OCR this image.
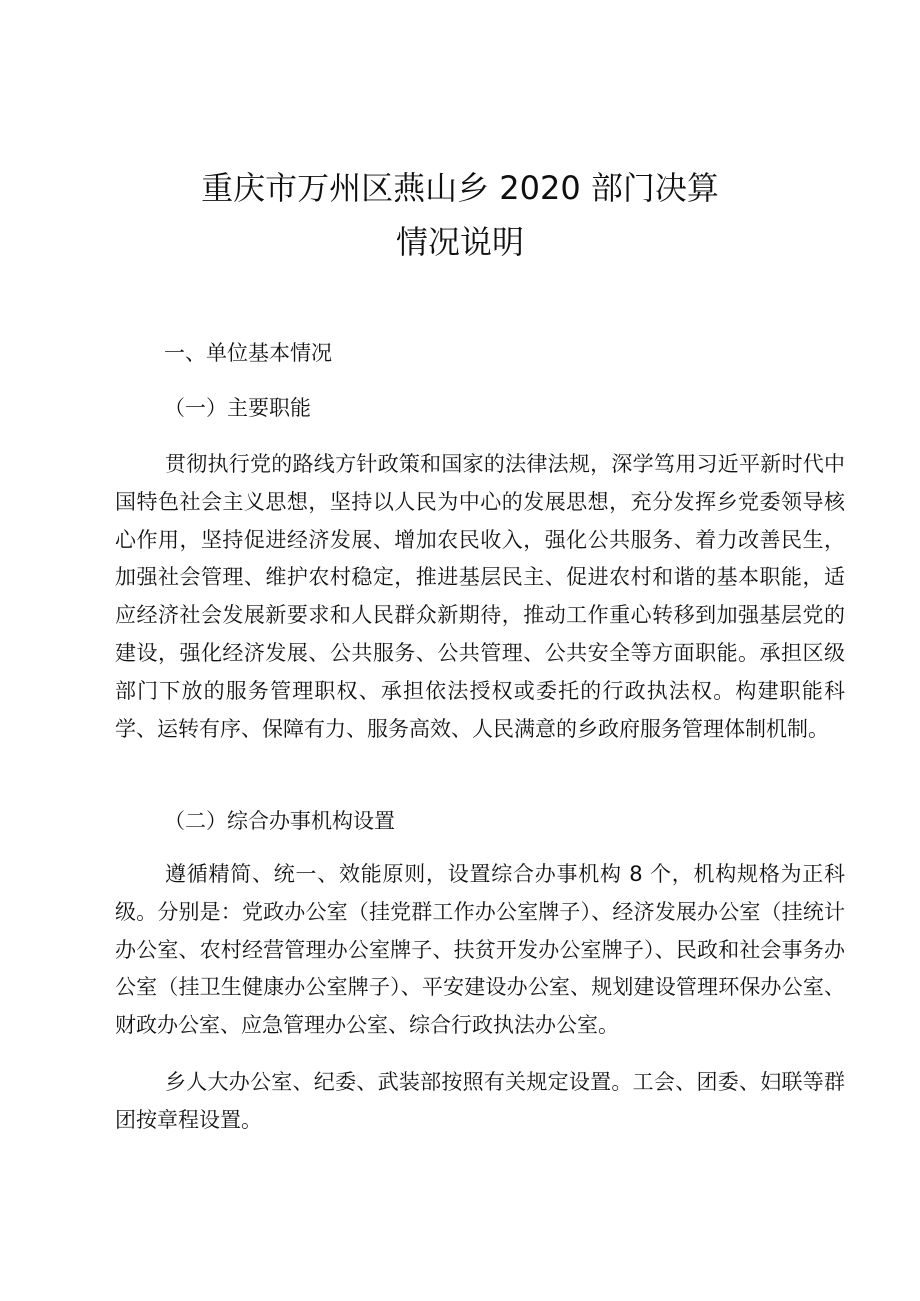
重庆市万州区燕山乡 2020 部门决算
情况说明
一、单位基本情况
（一）主要职能
贯彻执行党的路线方针政策和国家的法律法规，深学笃用习近平新时代中国特色社会主义思想，坚持以人民为中心的发展思想，充分发挥乡党委领导核心作用，坚持促进经济发展、增加农民收入，强化公共服务、着力改善民生，加强社会管理、维护农村稳定，推进基层民主、促进农村和谐的基本职能，适应经济社会发展新要求和人民群众新期待，推动工作重心转移到加强基层党的建设，强化经济发展、公共服务、公共管理、公共安全等方面职能。承担区级部门下放的服务管理职权、承担依法授权或委托的行政执法权。构建职能科学、运转有序、保障有力、服务高效、人民满意的乡政府服务管理体制机制。
（二）综合办事机构设置
遵循精简、统一、效能原则，设置综合办事机构 8 个，机构规格为正科级。分别是：党政办公室（挂党群工作办公室牌子）、经济发展办公室（挂统计办公室、农村经营管理办公室牌子、扶贫开发办公室牌子）、民政和社会事务办公室（挂卫生健康办公室牌子）、平安建设办公室、规划建设管理环保办公室、财政办公室、应急管理办公室、综合行政执法办公室。
乡人大办公室、纪委、武装部按照有关规定设置。工会、团委、妇联等群团按章程设置。
